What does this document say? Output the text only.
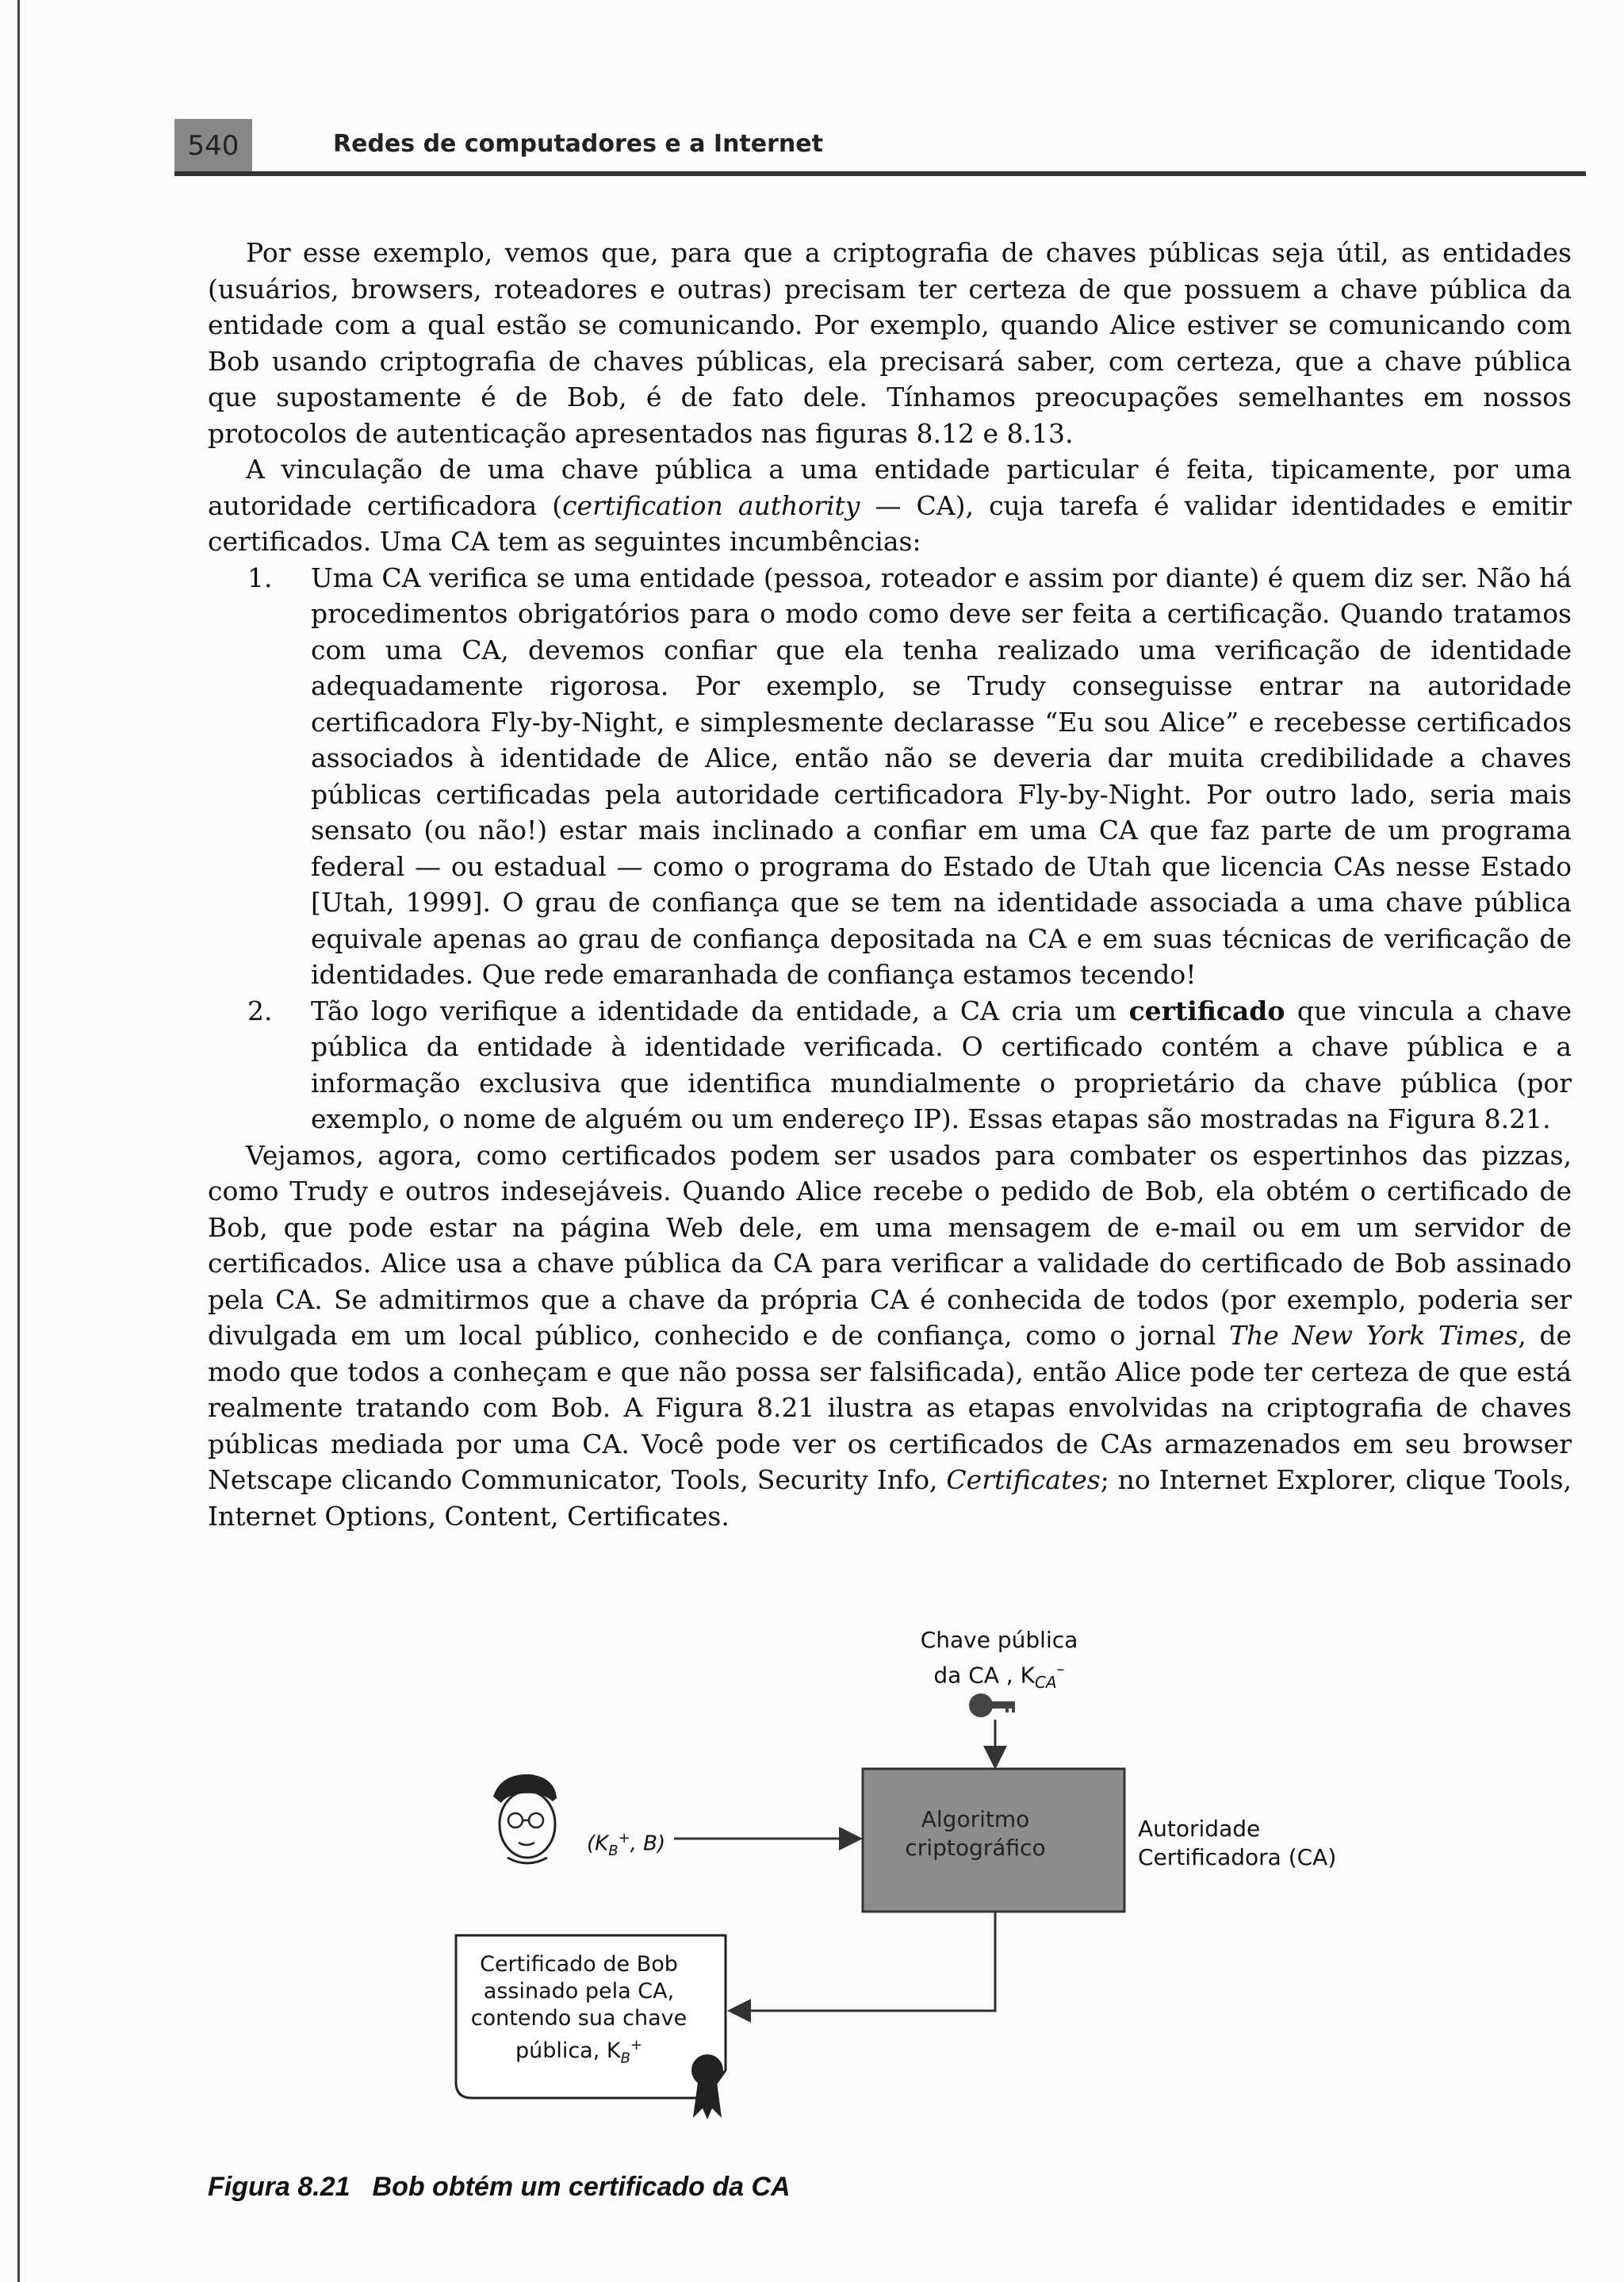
540	Redes de computadores e a Internet

Por esse exemplo, vemos que, para que a criptografia de chaves públicas seja útil, as entidades (usuários, browsers, roteadores e outras) precisam ter certeza de que possuem a chave pública da entidade com a qual estão se comunicando. Por exemplo, quando Alice estiver se comunicando com Bob usando criptografia de chaves públicas, ela precisará saber, com certeza, que a chave pública que supostamente é de Bob, é de fato dele. Tínhamos preocupações semelhantes em nossos protocolos de autenticação apresentados nas figuras 8.12 e 8.13.

A vinculação de uma chave pública a uma entidade particular é feita, tipicamente, por uma autoridade certificadora (certification authority — CA), cuja tarefa é validar identidades e emitir certificados. Uma CA tem as seguintes incumbências:

1. Uma CA verifica se uma entidade (pessoa, roteador e assim por diante) é quem diz ser. Não há procedimentos obrigatórios para o modo como deve ser feita a certificação. Quando tratamos com uma CA, devemos confiar que ela tenha realizado uma verificação de identidade adequadamente rigorosa. Por exemplo, se Trudy conseguisse entrar na autoridade certificadora Fly-by-Night, e simplesmente declarasse “Eu sou Alice” e recebesse certificados associados à identidade de Alice, então não se deveria dar muita credibilidade a chaves públicas certificadas pela autoridade certificadora Fly-by-Night. Por outro lado, seria mais sensato (ou não!) estar mais inclinado a confiar em uma CA que faz parte de um programa federal — ou estadual — como o programa do Estado de Utah que licencia CAs nesse Estado [Utah, 1999]. O grau de confiança que se tem na identidade associada a uma chave pública equivale apenas ao grau de confiança depositada na CA e em suas técnicas de verificação de identidades. Que rede emaranhada de confiança estamos tecendo!
2. Tão logo verifique a identidade da entidade, a CA cria um certificado que vincula a chave pública da entidade à identidade verificada. O certificado contém a chave pública e a informação exclusiva que identifica mundialmente o proprietário da chave pública (por exemplo, o nome de alguém ou um endereço IP). Essas etapas são mostradas na Figura 8.21.

Vejamos, agora, como certificados podem ser usados para combater os espertinhos das pizzas, como Trudy e outros indesejáveis. Quando Alice recebe o pedido de Bob, ela obtém o certificado de Bob, que pode estar na página Web dele, em uma mensagem de e-mail ou em um servidor de certificados. Alice usa a chave pública da CA para verificar a validade do certificado de Bob assinado pela CA. Se admitirmos que a chave da própria CA é conhecida de todos (por exemplo, poderia ser divulgada em um local público, conhecido e de confiança, como o jornal The New York Times, de modo que todos a conheçam e que não possa ser falsificada), então Alice pode ter certeza de que está realmente tratando com Bob. A Figura 8.21 ilustra as etapas envolvidas na criptografia de chaves públicas mediada por uma CA. Você pode ver os certificados de CAs armazenados em seu browser Netscape clicando Communicator, Tools, Security Info, Certificates; no Internet Explorer, clique Tools, Internet Options, Content, Certificates.

Chave pública
da CA , $K_{CA}^-$
Algoritmo
criptográfico
Autoridade
Certificadora (CA)
($K_B^+$, B)
Certificado de Bob
assinado pela CA,
contendo sua chave
pública, $K_B^+$
Figura 8.21 Bob obtém um certificado da CA
